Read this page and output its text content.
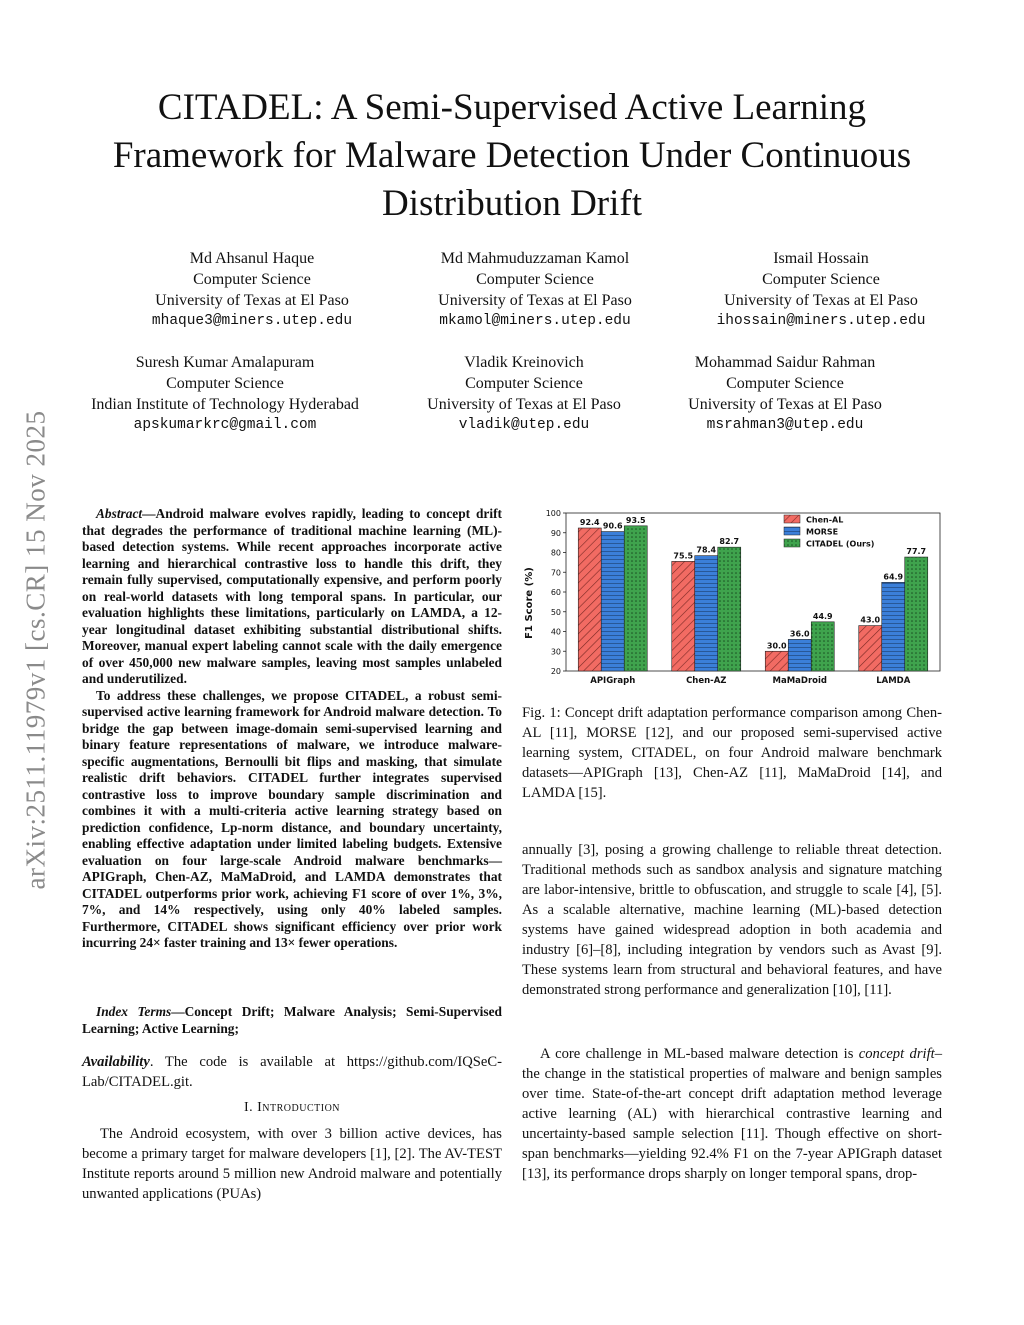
arXiv:2511.11979v1 [cs.CR] 15 Nov 2025
CITADEL: A Semi-Supervised Active Learning Framework for Malware Detection Under Continuous Distribution Drift
Md Ahsanul Haque
Computer Science
University of Texas at El Paso
mhaque3@miners.utep.edu
Md Mahmuduzzaman Kamol
Computer Science
University of Texas at El Paso
mkamol@miners.utep.edu
Ismail Hossain
Computer Science
University of Texas at El Paso
ihossain@miners.utep.edu
Suresh Kumar Amalapuram
Computer Science
Indian Institute of Technology Hyderabad
apskumarkrc@gmail.com
Vladik Kreinovich
Computer Science
University of Texas at El Paso
vladik@utep.edu
Mohammad Saidur Rahman
Computer Science
University of Texas at El Paso
msrahman3@utep.edu

Abstract—Android malware evolves rapidly, leading to concept drift that degrades the performance of traditional machine learning (ML)-based detection systems. While recent approaches incorporate active learning and hierarchical contrastive loss to handle this drift, they remain fully supervised, computationally expensive, and perform poorly on real-world datasets with long temporal spans. In particular, our evaluation highlights these limitations, particularly on LAMDA, a 12-year longitudinal dataset exhibiting substantial distributional shifts. Moreover, manual expert labeling cannot scale with the daily emergence of over 450,000 new malware samples, leaving most samples unlabeled and underutilized.

To address these challenges, we propose CITADEL, a robust semi-supervised active learning framework for Android malware detection. To bridge the gap between image-domain semi-supervised learning and binary feature representations of malware, we introduce malware-specific augmentations, Bernoulli bit flips and masking, that simulate realistic drift behaviors. CITADEL further integrates supervised contrastive loss to improve boundary sample discrimination and combines it with a multi-criteria active learning strategy based on prediction confidence, Lp-norm distance, and boundary uncertainty, enabling effective adaptation under limited labeling budgets. Extensive evaluation on four large-scale Android malware benchmarks—APIGraph, Chen-AZ, MaMaDroid, and LAMDA demonstrates that CITADEL outperforms prior work, achieving F1 score of over 1%, 3%, 7%, and 14% respectively, using only 40% labeled samples. Furthermore, CITADEL shows significant efficiency over prior work incurring 24× faster training and 13× fewer operations.

Index Terms—Concept Drift; Malware Analysis; Semi-Supervised Learning; Active Learning;
Availability. The code is available at https://github.com/IQSeC-Lab/CITADEL.git.
I. Introduction
The Android ecosystem, with over 3 billion active devices, has become a primary target for malware developers [1], [2]. The AV-TEST Institute reports around 5 million new Android malware and potentially unwanted applications (PUAs)
F1 Score (%)
20
30
40
50
60
70
80
90
100
92.4 90.6
93.5
APIGraph
75.5
78.4
82.7
Chen-AZ
30.0
36.0
44.9
MaMaDroid
43.0
64.9
77.7
LAMDA
Chen-AL
MORSE
CITADEL (Ours)
Fig. 1: Concept drift adaptation performance comparison among Chen-AL [11], MORSE [12], and our proposed semi-supervised active learning system, CITADEL, on four Android malware benchmark datasets—APIGraph [13], Chen-AZ [11], MaMaDroid [14], and LAMDA [15].
annually [3], posing a growing challenge to reliable threat detection. Traditional methods such as sandbox analysis and signature matching are labor-intensive, brittle to obfuscation, and struggle to scale [4], [5]. As a scalable alternative, machine learning (ML)-based detection systems have gained widespread adoption in both academia and industry [6]–[8], including integration by vendors such as Avast [9]. These systems learn from structural and behavioral features, and have demonstrated strong performance and generalization [10], [11].
A core challenge in ML-based malware detection is concept drift–the change in the statistical properties of malware and benign samples over time. State-of-the-art concept drift adaptation method leverage active learning (AL) with hierarchical contrastive learning and uncertainty-based sample selection [11]. Though effective on short-span benchmarks—yielding 92.4% F1 on the 7-year APIGraph dataset [13], its performance drops sharply on longer temporal spans, drop-
